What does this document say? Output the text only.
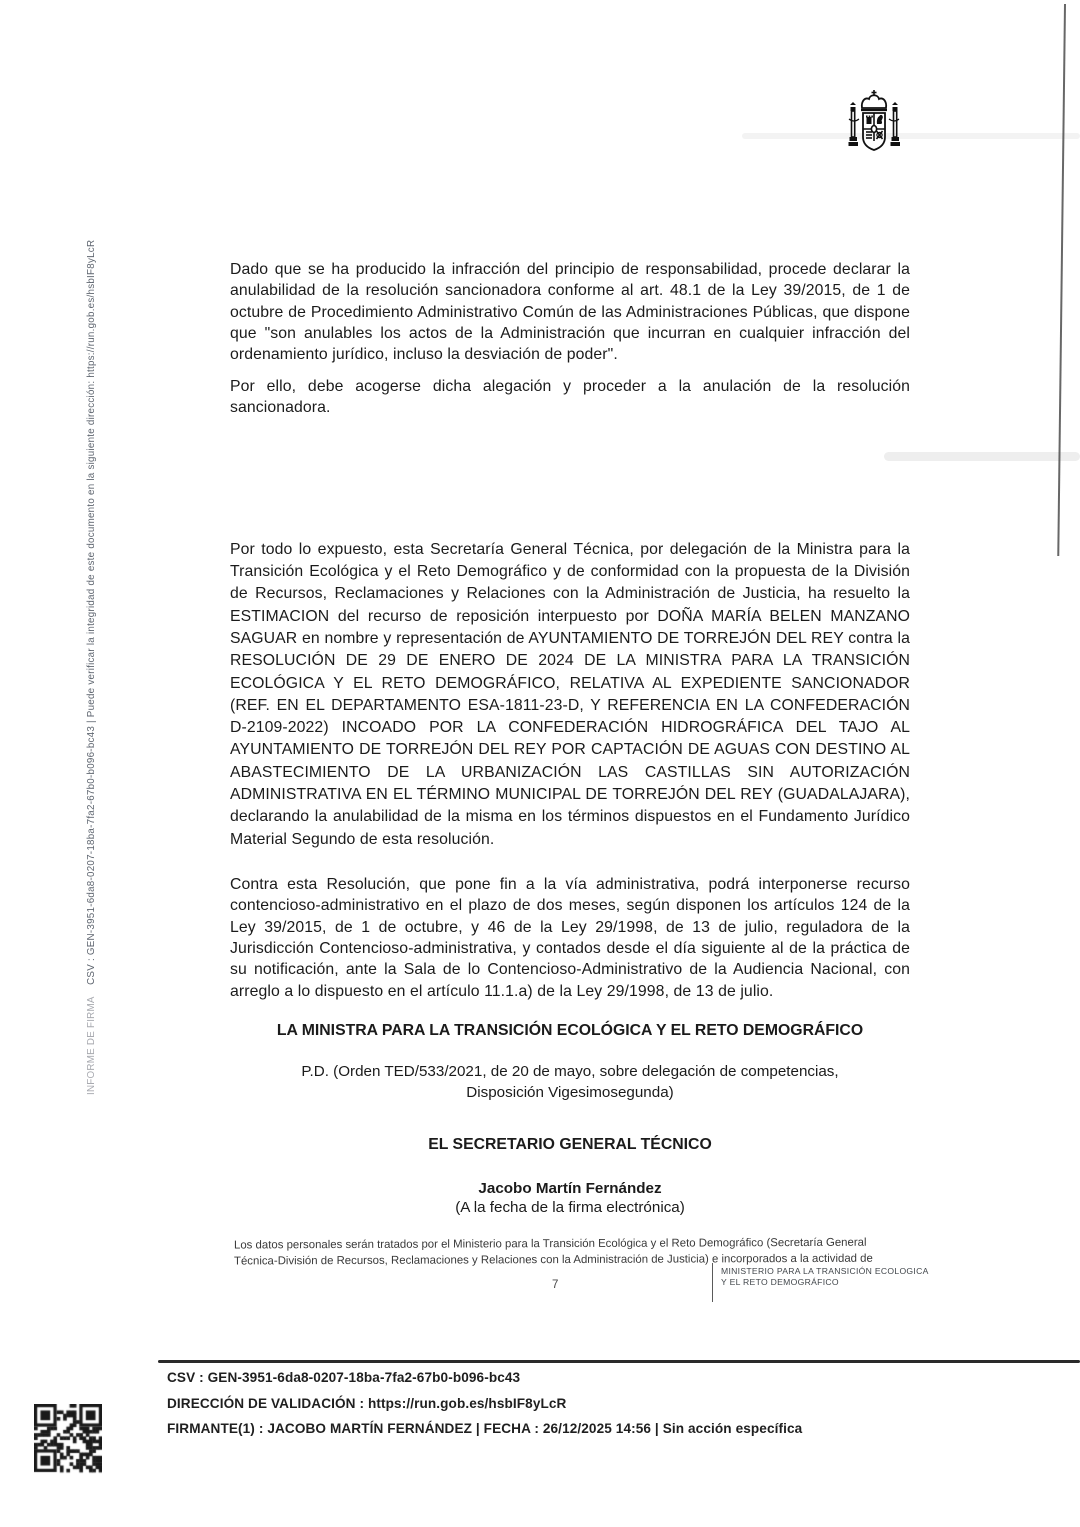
INFORME DE FIRMA    CSV : GEN-3951-6da8-0207-18ba-7fa2-67b0-b096-bc43 | Puede verificar la integridad de este documento en la siguiente dirección: https://run.gob.es/hsbIF8yLcR	Dado que se ha producido la infracción del principio de responsabilidad, procede declarar la anulabilidad de la resolución sancionadora conforme al art. 48.1 de la Ley 39/2015, de 1 de octubre de Procedimiento Administrativo Común de las Administraciones Públicas, que dispone que "son anulables los actos de la Administración que incurran en cualquier infracción del ordenamiento jurídico, incluso la desviación de poder".

Por ello, debe acogerse dicha alegación y proceder a la anulación de la resolución sancionadora.

Por todo lo expuesto, esta Secretaría General Técnica, por delegación de la Ministra para la Transición Ecológica y el Reto Demográfico y de conformidad con la propuesta de la División de Recursos, Reclamaciones y Relaciones con la Administración de Justicia, ha resuelto la ESTIMACION del recurso de reposición interpuesto por DOÑA MARÍA BELEN MANZANO SAGUAR en nombre y representación de AYUNTAMIENTO DE TORREJÓN DEL REY contra la RESOLUCIÓN DE 29 DE ENERO DE 2024 DE LA MINISTRA PARA LA TRANSICIÓN ECOLÓGICA Y EL RETO DEMOGRÁFICO, RELATIVA AL EXPEDIENTE SANCIONADOR (REF. EN EL DEPARTAMENTO ESA-1811-23-D, Y REFERENCIA EN LA CONFEDERACIÓN D-2109-2022) INCOADO POR LA CONFEDERACIÓN HIDROGRÁFICA DEL TAJO AL AYUNTAMIENTO DE TORREJÓN DEL REY POR CAPTACIÓN DE AGUAS CON DESTINO AL ABASTECIMIENTO DE LA URBANIZACIÓN LAS CASTILLAS SIN AUTORIZACIÓN ADMINISTRATIVA EN EL TÉRMINO MUNICIPAL DE TORREJÓN DEL REY (GUADALAJARA), declarando la anulabilidad de la misma en los términos dispuestos en el Fundamento Jurídico Material Segundo de esta resolución.

Contra esta Resolución, que pone fin a la vía administrativa, podrá interponerse recurso contencioso-administrativo en el plazo de dos meses, según disponen los artículos 124 de la Ley 39/2015, de 1 de octubre, y 46 de la Ley 29/1998, de 13 de julio, reguladora de la Jurisdicción Contencioso-administrativa, y contados desde el día siguiente al de la práctica de su notificación, ante la Sala de lo Contencioso-Administrativo de la Audiencia Nacional, con arreglo a lo dispuesto en el artículo 11.1.a) de la Ley 29/1998, de 13 de julio.

LA MINISTRA PARA LA TRANSICIÓN ECOLÓGICA Y EL RETO DEMOGRÁFICO
P.D. (Orden TED/533/2021, de 20 de mayo, sobre delegación de competencias,
Disposición Vigesimosegunda)
EL SECRETARIO GENERAL TÉCNICO
Jacobo Martín Fernández
(A la fecha de la firma electrónica)
Los datos personales serán tratados por el Ministerio para la Transición Ecológica y el Reto Demográfico (Secretaría General
Técnica-División de Recursos, Reclamaciones y Relaciones con la Administración de Justicia) e incorporados a la actividad de
7
MINISTERIO PARA LA TRANSICIÓN ECOLOGICA
Y EL RETO DEMOGRÁFICO
CSV : GEN-3951-6da8-0207-18ba-7fa2-67b0-b096-bc43
DIRECCIÓN DE VALIDACIÓN : https://run.gob.es/hsbIF8yLcR
FIRMANTE(1) : JACOBO MARTÍN FERNÁNDEZ | FECHA : 26/12/2025 14:56 | Sin acción específica
